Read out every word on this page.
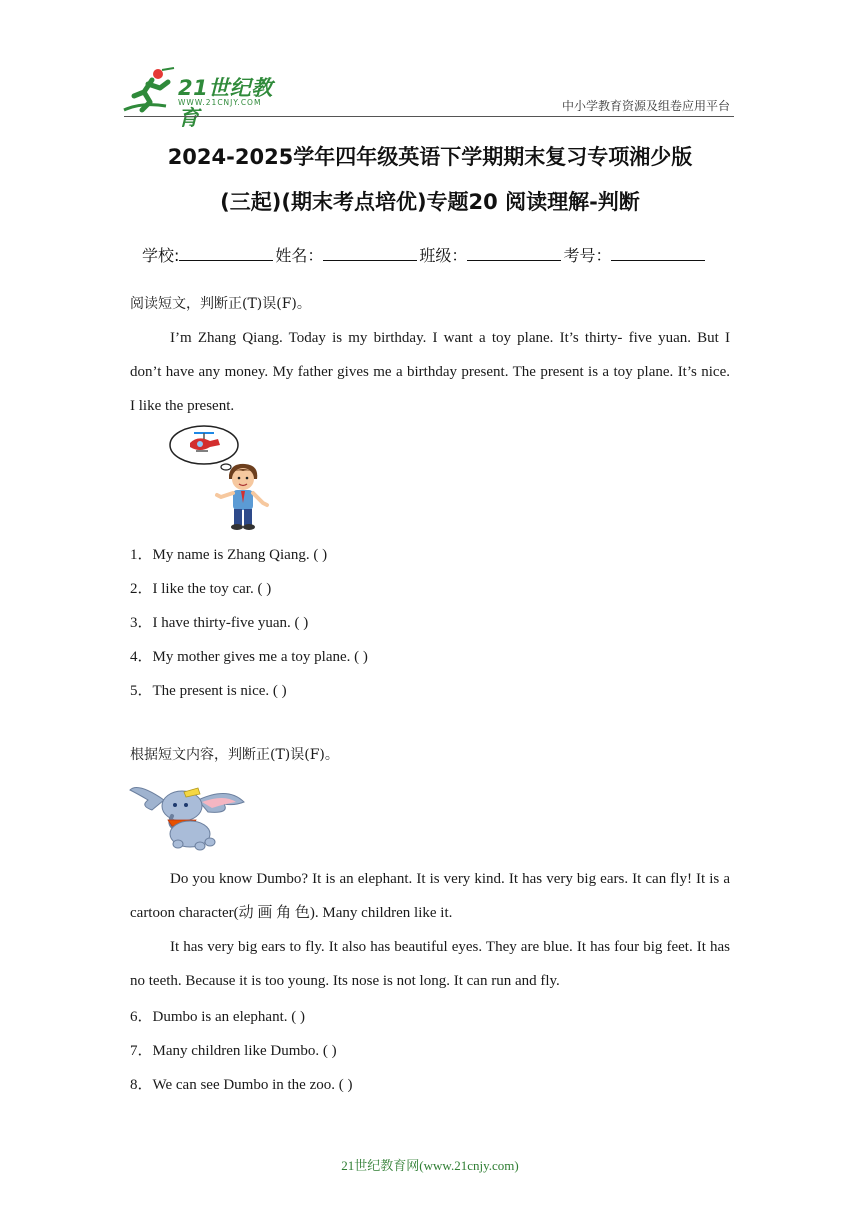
21世纪教育
WWW.21CNJY.COM	中小学教育资源及组卷应用平台
2024-2025学年四年级英语下学期期末复习专项湘少版
(三起)(期末考点培优)专题20 阅读理解-判断
学校:	姓名：	班级：	考号：
阅读短文，判断正(T)误(F)。
I’m Zhang Qiang. Today is my birthday. I want a toy plane. It’s thirty- five yuan. But I
don’t have any money. My father gives me a birthday present. The present is a toy plane. It’s nice.
I like the present.
1．My name is Zhang Qiang. ( )
2．I like the toy car. ( )
3．I have thirty-five yuan. ( )
4．My mother gives me a toy plane. ( )
5．The present is nice. ( )
根据短文内容，判断正(T)误(F)。
Do you know Dumbo? It is an elephant. It is very kind. It has very big ears. It can fly! It is a
cartoon character(动 画 角 色). Many children like it.
It has very big ears to fly. It also has beautiful eyes. They are blue. It has four big feet. It has
no teeth. Because it is too young. Its nose is not long. It can run and fly.
6．Dumbo is an elephant. ( )
7．Many children like Dumbo. ( )
8．We can see Dumbo in the zoo. ( )
21世纪教育网(www.21cnjy.com)
